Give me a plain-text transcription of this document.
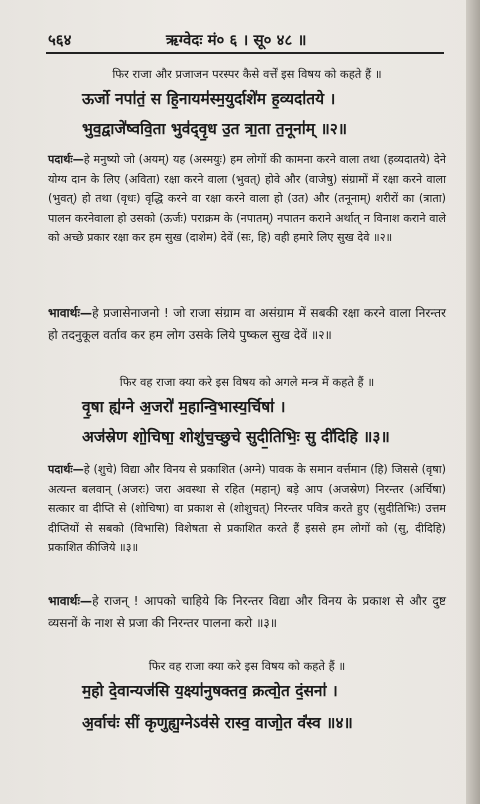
५६४	ऋग्वेदः मं० ६ । सू० ४८ ॥
फिर राजा और प्रजाजन परस्पर कैसे वर्त्तें इस विषय को कहते हैं ॥
ऊर्जो नपा॑तं॒ स हि॒नायम॑स्म॒युर्दाशे॑म ह॒व्यदा॑तये ।
भुव॒द्वाजे॑ष्ववि॒ता भुव॑द्वृ॒ध उ॒त त्रा॒ता त॒नूना॑म् ॥२॥
पदार्थः—हे मनुष्यो जो (अयम्) यह (अस्मयुः) हम लोगों की कामना करने वाला तथा (हव्यदातये) देने योग्य दान के लिए (अविता) रक्षा करने वाला (भुवत्) होवे और (वाजेषु) संग्रामों में रक्षा करने वाला (भुवत्) हो तथा (वृधः) वृद्धि करने वा रक्षा करने वाला हो (उत) और (तनूनाम्) शरीरों का (त्राता) पालन करनेवाला हो उसको (ऊर्जः) पराक्रम के (नपातम्) नपातन कराने अर्थात् न विनाश कराने वाले को अच्छे प्रकार रक्षा कर हम सुख (दाशेम) देवें (सः, हि) वही हमारे लिए सुख देवे ॥२॥
भावार्थः—हे प्रजासेनाजनो ! जो राजा संग्राम वा असंग्राम में सबकी रक्षा करने वाला निरन्तर हो तदनुकूल वर्ताव कर हम लोग उसके लिये पुष्कल सुख देवें ॥२॥
फिर वह राजा क्या करे इस विषय को अगले मन्त्र में कहते हैं ॥
वृ॒षा ह्य॑ग्ने अ॒जरो॑ म॒हान्वि॒भास्य॒र्चिषा॑ ।
अज॑स्रेण शो॒चिषा॒ शोशु॑च॒च्छुचे सुदी॒तिभिः॒ सु दी॑दिहि ॥३॥
पदार्थः—हे (शुचे) विद्या और विनय से प्रकाशित (अग्ने) पावक के समान वर्त्तमान (हि) जिससे (वृषा) अत्यन्त बलवान् (अजरः) जरा अवस्था से रहित (महान्) बड़े आप (अजस्रेण) निरन्तर (अर्चिषा) सत्कार वा दीप्ति से (शोचिषा) वा प्रकाश से (शोशुचत्) निरन्तर पवित्र करते हुए (सुदीतिभिः) उत्तम दीप्तियों से सबको (विभासि) विशेषता से प्रकाशित करते हैं इससे हम लोगों को (सु, दीदिहि) प्रकाशित कीजिये ॥३॥
भावार्थः—हे राजन् ! आपको चाहिये कि निरन्तर विद्या और विनय के प्रकाश से और दुष्ट व्यसनों के नाश से प्रजा की निरन्तर पालना करो ॥३॥
फिर वह राजा क्या करे इस विषय को कहते हैं ॥
म॒हो दे॒वान्यज॑सि य॒क्ष्या॑नुषक्तव॒ क्रत्वो॒त दं॒सना॑ ।
अ॒र्वाचः॑ सीं कृणुह्य॒ग्नेऽव॑से रास्व॒ वाजो॒त वं॑स्व ॥४॥
